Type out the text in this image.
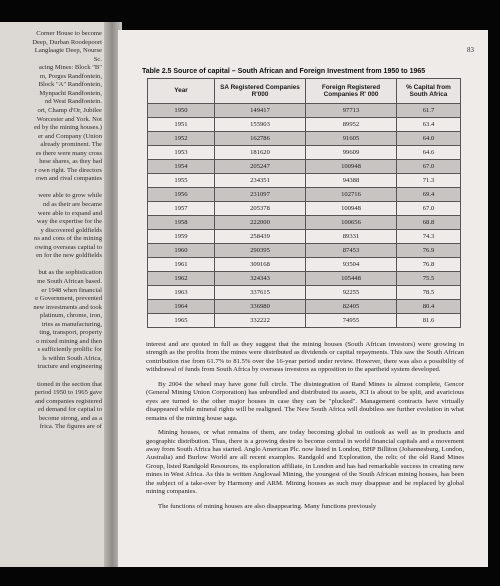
Corner House to become
Deep, Durban Roodepoort
Langlaagte Deep, Nourse
Sc.
acing Mines: Block "B"
m, Porges Randfontein,
Block "A" Randfontein,
Mynpacht Randfontein,
nd West Randfontein.
ort, Champ d'Or, Jubilee
Worcester and York. Not
ed by the mining houses.)
er and Company (Union
already prominent. The
es there were many cross
hese shares, as they had
r own right. The directors
own and rival companies
were able to grow while
nd as their are became
were able to expand and
way the expertise for the
y discovered goldfields
ns and cons of the mining
owing overseas capital to
en for the new goldfields
but as the sophistication
me South African based.
er 1948 when financial
e Government, prevented
new investments and took
platinum, chrome, iron,
tries as manufacturing,
ting, transport, property
o mixed mining and then
s sufficiently prolific for
ls within South Africa,
tructure and engineering
tioned in the section that
period 1950 to 1965 gave
and companies registered
ed demand for capital to
become strong, and as a
frica. The figures are of
83
Table 2.5 Source of capital – South African and Foreign Investment from 1950 to 1965
Year	SA Registered Companies R'000	Foreign Registered Companies R' 000	% Capital from South Africa
1950	149417	97713	61.7
1951	155903	89952	63.4
1952	162786	91605	64.0
1953	181620	99609	64.6
1954	205247	100948	67.0
1955	234351	94388	71.3
1956	231097	102716	69.4
1957	205378	100948	67.0
1958	222000	100656	68.8
1959	258439	89331	74.3
1960	290395	87453	76.9
1961	309168	93504	76.8
1962	324343	105448	75.5
1963	337615	92255	78.5
1964	336980	82405	80.4
1965	332222	74955	81.6

interest and are quoted in full as they suggest that the mining houses (South African investors) were growing in strength as the profits from the mines were distributed as dividends or capital repayments. This saw the South African contribution rise from 61.7% to 81.5% over the 16-year period under review. However, there was also a possibility of withdrawal of funds from South Africa by overseas investors as opposition to the apartheid system developed.

By 2004 the wheel may have gone full circle. The disintegration of Rand Mines is almost complete, Gencor (General Mining Union Corporation) has unbundled and distributed its assets, JCI is about to be split, and avaricious eyes are turned to the other major houses in case they can be "plucked". Management contracts have virtually disappeared while mineral rights will be realigned. The New South Africa will doubtless see further evolution in what remains of the mining house saga.

Mining houses, or what remains of them, are today becoming global in outlook as well as in products and geographic distribution. Thus, there is a growing desire to become central in world financial capitals and a movement away from South Africa has started. Anglo American Plc. now listed in London, BHP Billiton (Johannesburg, London, Australia) and Burlow World are all recent examples. Randgold and Exploration, the relic of the old Rand Mines Group, listed Randgold Resources, its exploration affiliate, in London and has had remarkable success in creating new mines in West Africa. As this is written Anglovaal Mining, the youngest of the South African mining houses, has been the subject of a take-over by Harmony and ARM. Mining houses as such may disappear and be replaced by global mining companies.

The functions of mining houses are also disappearing. Many functions previously
